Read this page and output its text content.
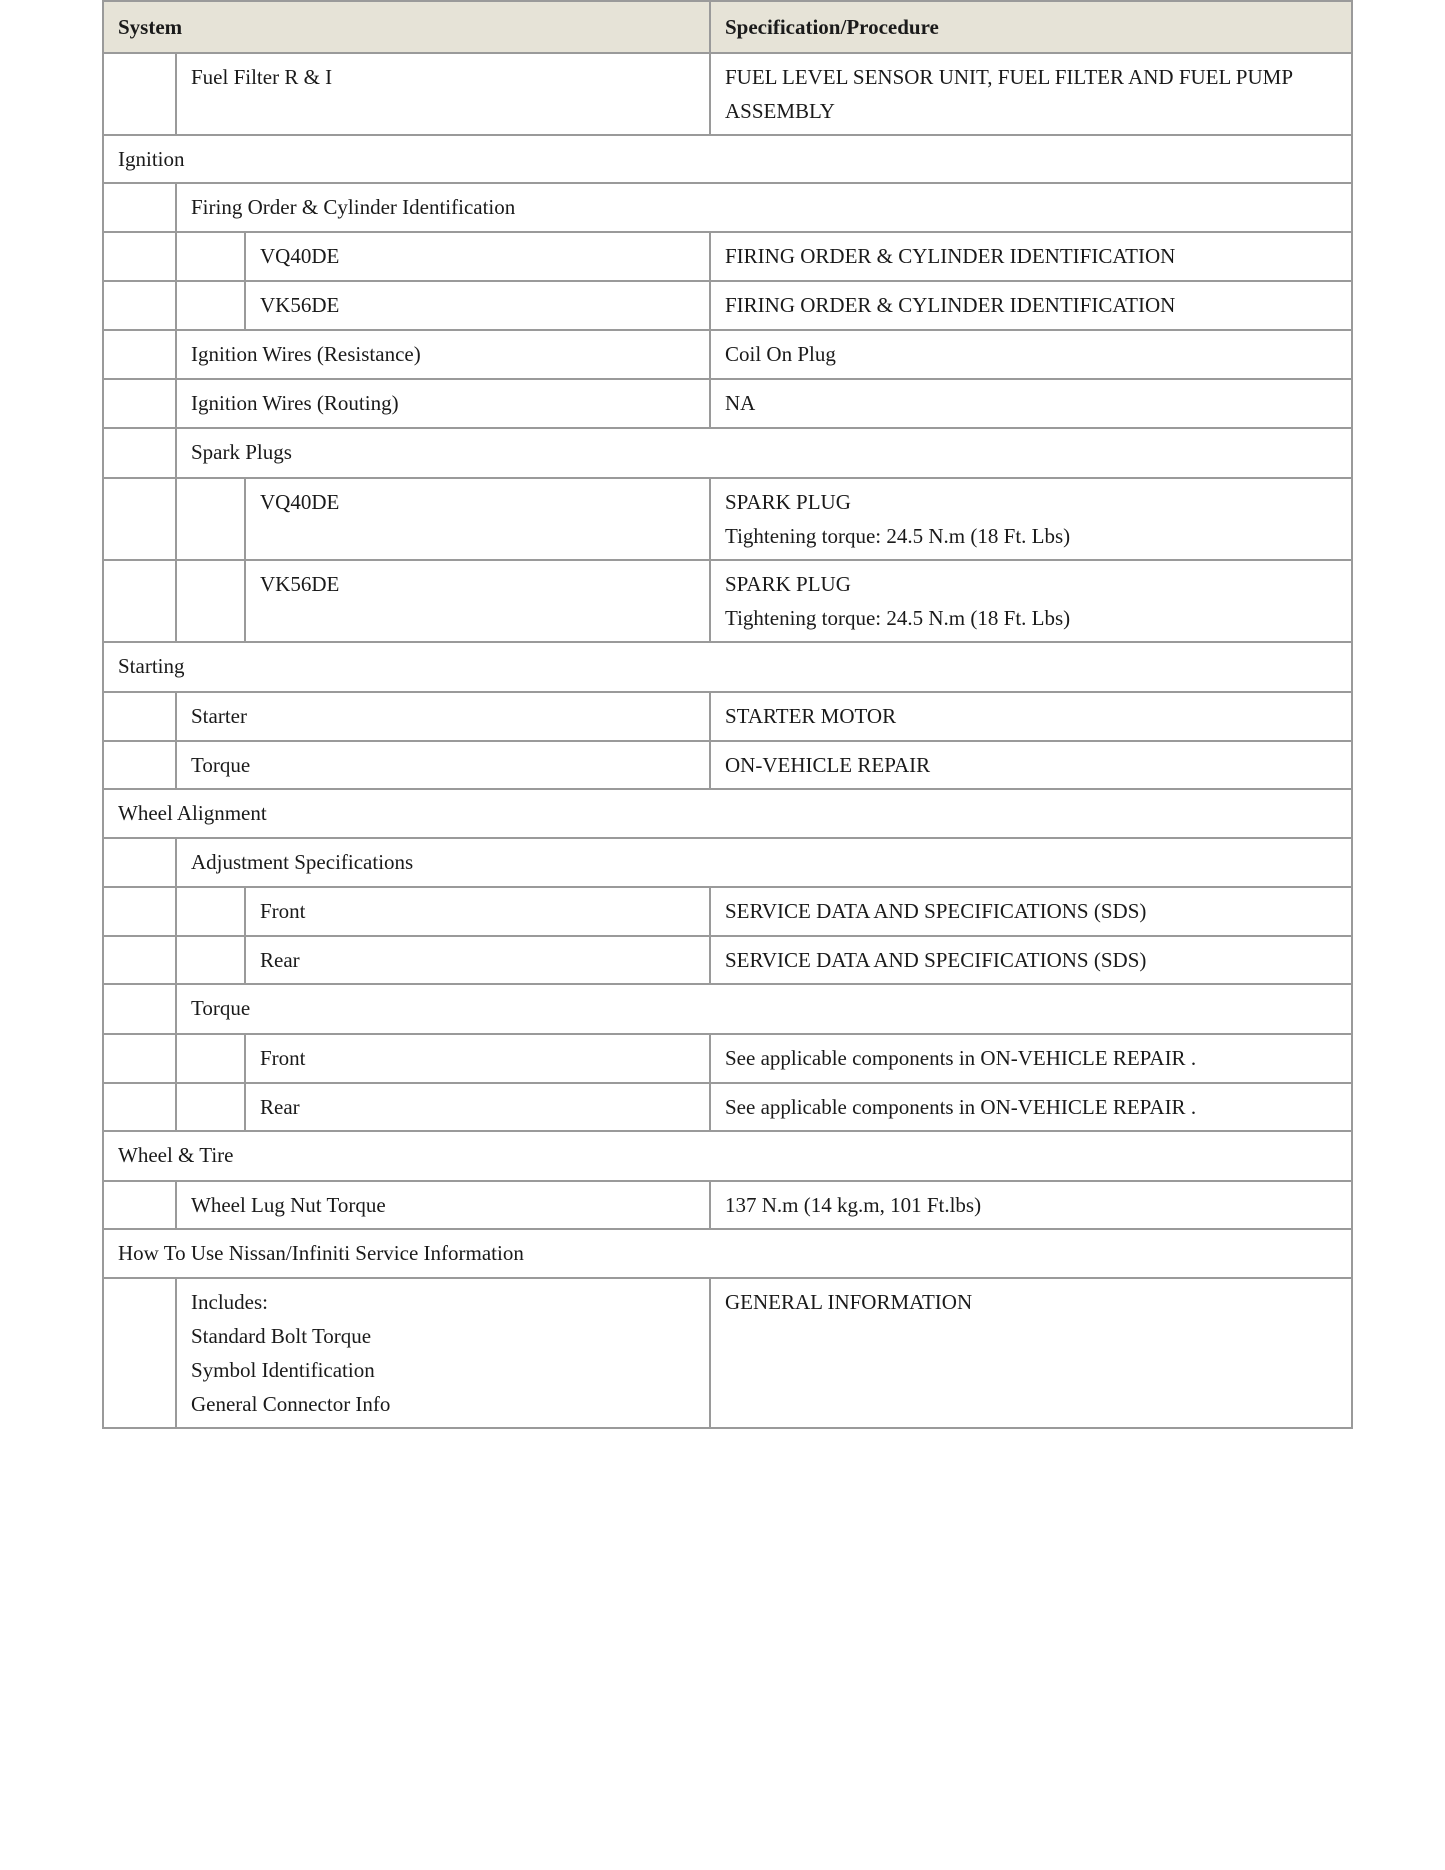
System			Specification/Procedure

	Fuel Filter R & I		FUEL LEVEL SENSOR UNIT, FUEL FILTER AND FUEL PUMP ASSEMBLY

Ignition			

	Firing Order & Cylinder Identification		

		VQ40DE	FIRING ORDER & CYLINDER IDENTIFICATION

		VK56DE	FIRING ORDER & CYLINDER IDENTIFICATION

	Ignition Wires (Resistance)		Coil On Plug

	Ignition Wires (Routing)		NA

	Spark Plugs		

		VQ40DE	SPARK PLUG
Tightening torque: 24.5 N.m (18 Ft. Lbs)

		VK56DE	SPARK PLUG
Tightening torque: 24.5 N.m (18 Ft. Lbs)

Starting			

	Starter		STARTER MOTOR

	Torque		ON-VEHICLE REPAIR

Wheel Alignment			

	Adjustment Specifications		

		Front	SERVICE DATA AND SPECIFICATIONS (SDS)

		Rear	SERVICE DATA AND SPECIFICATIONS (SDS)

	Torque		

		Front	See applicable components in ON-VEHICLE REPAIR .

		Rear	See applicable components in ON-VEHICLE REPAIR .

Wheel & Tire			

	Wheel Lug Nut Torque		137 N.m (14 kg.m, 101 Ft.lbs)

How To Use Nissan/Infiniti Service Information			

	Includes:
Standard Bolt Torque
Symbol Identification
General Connector Info		GENERAL INFORMATION
